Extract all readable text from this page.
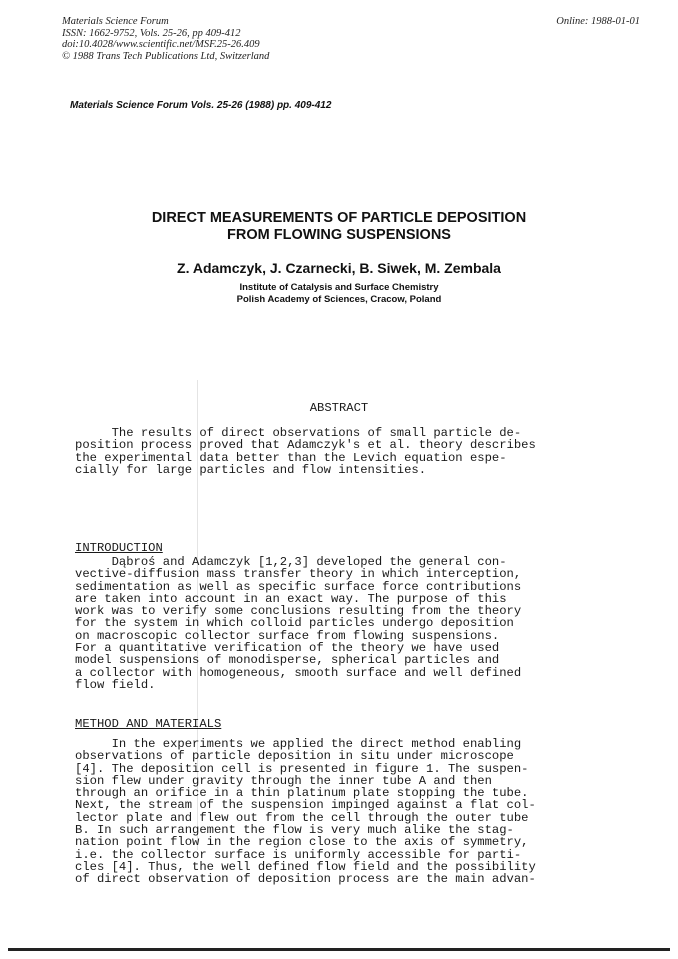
Materials Science Forum
ISSN: 1662-9752, Vols. 25-26, pp 409-412
doi:10.4028/www.scientific.net/MSF.25-26.409
© 1988 Trans Tech Publications Ltd, Switzerland
Online: 1988-01-01
Materials Science Forum Vols. 25-26 (1988) pp. 409-412
DIRECT MEASUREMENTS OF PARTICLE DEPOSITION
FROM FLOWING SUSPENSIONS
Z. Adamczyk, J. Czarnecki, B. Siwek, M. Zembala
Institute of Catalysis and Surface Chemistry
Polish Academy of Sciences, Cracow, Poland
ABSTRACT
The results of direct observations of small particle de-
position process proved that Adamczyk's et al. theory describes
the experimental data better than the Levich equation espe-
cially for large particles and flow intensities.
INTRODUCTION
Dąbroś and Adamczyk [1,2,3] developed the general con-
vective-diffusion mass transfer theory in which interception,
sedimentation as well as specific surface force contributions
are taken into account in an exact way. The purpose of this
work was to verify some conclusions resulting from the theory
for the system in which colloid particles undergo deposition
on macroscopic collector surface from flowing suspensions.
For a quantitative verification of the theory we have used
model suspensions of monodisperse, spherical particles and
a collector with homogeneous, smooth surface and well defined
flow field.
METHOD AND MATERIALS
In the experiments we applied the direct method enabling
observations of particle deposition in situ under microscope
[4]. The deposition cell is presented in figure 1. The suspen-
sion flew under gravity through the inner tube A and then
through an orifice in a thin platinum plate stopping the tube.
Next, the stream of the suspension impinged against a flat col-
lector plate and flew out from the cell through the outer tube
B. In such arrangement the flow is very much alike the stag-
nation point flow in the region close to the axis of symmetry,
i.e. the collector surface is uniformly accessible for parti-
cles [4]. Thus, the well defined flow field and the possibility
of direct observation of deposition process are the main advan-
